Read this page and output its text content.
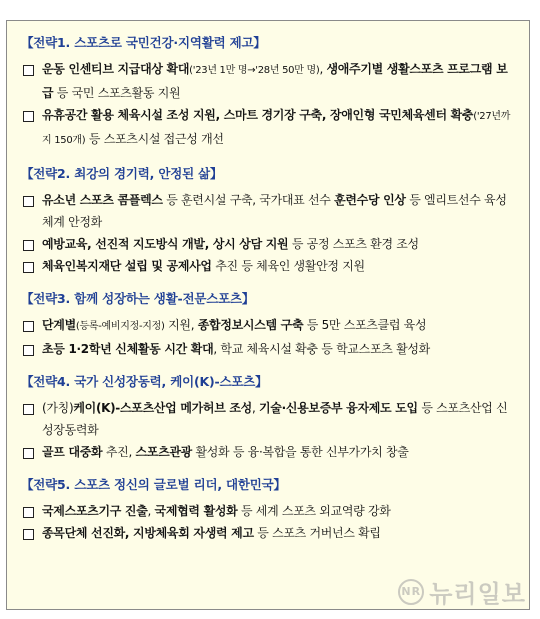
【전략1. 스포츠로 국민건강·지역활력 제고】
운동 인센티브 지급대상 확대('23년 1만 명→'28년 50만 명), 생애주기별 생활스포츠 프로그램 보급 등 국민 스포츠활동 지원
유휴공간 활용 체육시설 조성 지원, 스마트 경기장 구축, 장애인형 국민체육센터 확충('27년까지 150개) 등 스포츠시설 접근성 개선
【전략2. 최강의 경기력, 안정된 삶】
유소년 스포츠 콤플렉스 등 훈련시설 구축, 국가대표 선수 훈련수당 인상 등 엘리트선수 육성체계 안정화
예방교육, 선진적 지도방식 개발, 상시 상담 지원 등 공정 스포츠 환경 조성
체육인복지재단 설립 및 공제사업 추진 등 체육인 생활안정 지원
【전략3. 함께 성장하는 생활-전문스포츠】
단계별(등록-예비지정-지정) 지원, 종합정보시스템 구축 등 5만 스포츠클럽 육성
초등 1·2학년 신체활동 시간 확대, 학교 체육시설 확충 등 학교스포츠 활성화
【전략4. 국가 신성장동력, 케이(K)-스포츠】
(가칭)케이(K)-스포츠산업 메가허브 조성, 기술·신용보증부 융자제도 도입 등 스포츠산업 신성장동력화
골프 대중화 추진, 스포츠관광 활성화 등 융·복합을 통한 신부가가치 창출
【전략5. 스포츠 정신의 글로벌 리더, 대한민국】
국제스포츠기구 진출, 국제협력 활성화 등 세계 스포츠 외교역량 강화
종목단체 선진화, 지방체육회 자생력 제고 등 스포츠 거버넌스 확립
NR 뉴리일보
